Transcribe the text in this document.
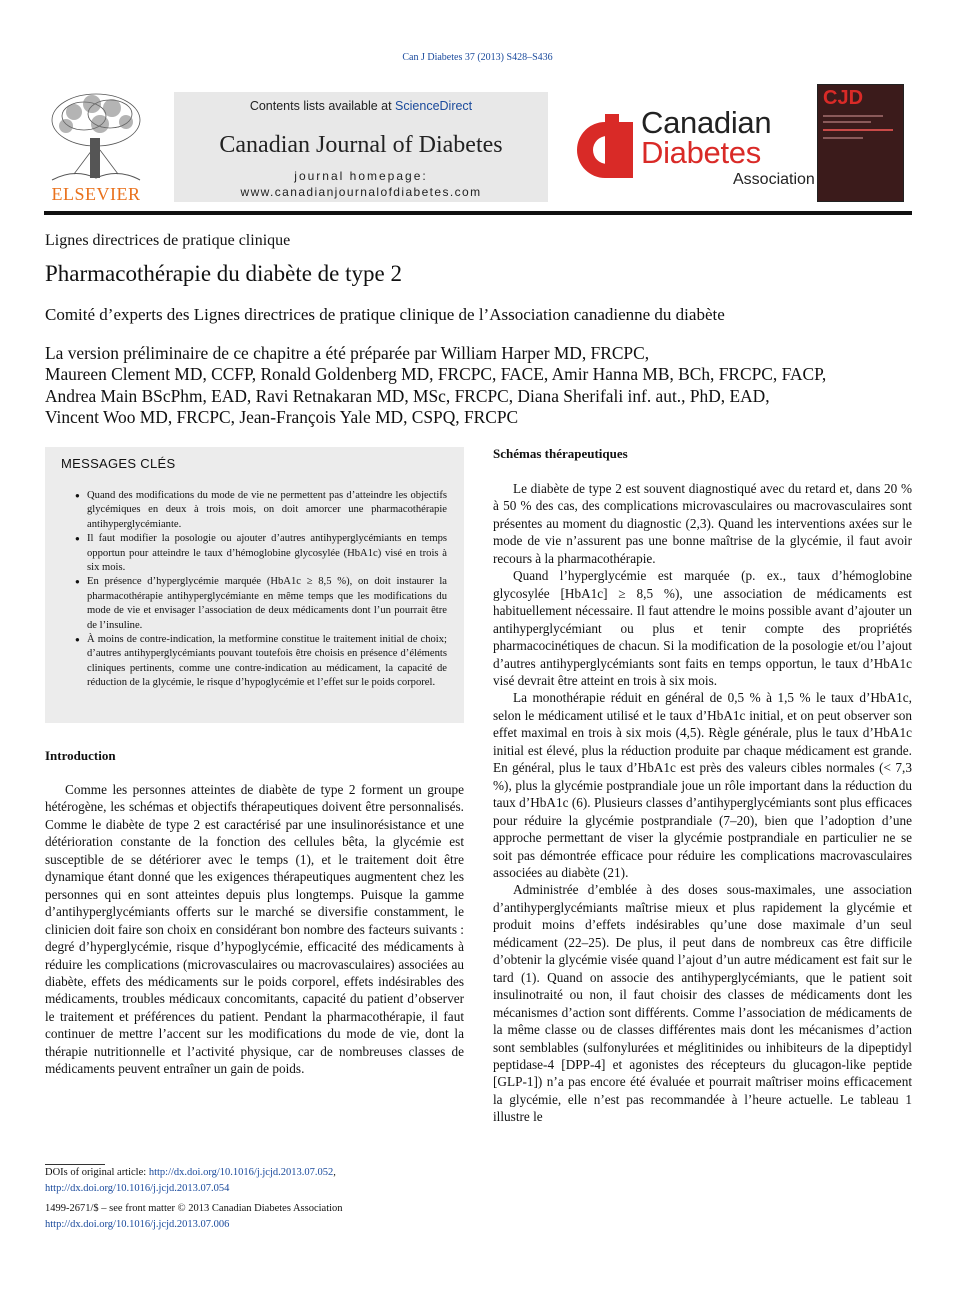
Can J Diabetes 37 (2013) S428–S436
ELSEVIER
Contents lists available at ScienceDirect
Canadian Journal of Diabetes
journal homepage:
www.canadianjournalofdiabetes.com
Canadian
Diabetes
Association
CJD
Lignes directrices de pratique clinique
Pharmacothérapie du diabète de type 2
Comité d’experts des Lignes directrices de pratique clinique de l’Association canadienne du diabète
La version préliminaire de ce chapitre a été préparée par William Harper MD, FRCPC,
Maureen Clement MD, CCFP, Ronald Goldenberg MD, FRCPC, FACE, Amir Hanna MB, BCh, FRCPC, FACP,
Andrea Main BScPhm, EAD, Ravi Retnakaran MD, MSc, FRCPC, Diana Sherifali inf. aut., PhD, EAD,
Vincent Woo MD, FRCPC, Jean-François Yale MD, CSPQ, FRCPC
MESSAGES CLÉS
● Quand des modifications du mode de vie ne permettent pas d’atteindre les objectifs glycémiques en deux à trois mois, on doit amorcer une pharmacothérapie antihyperglycémiante.
● Il faut modifier la posologie ou ajouter d’autres antihyperglycémiants en temps opportun pour atteindre le taux d’hémoglobine glycosylée (HbA1c) visé en trois à six mois.
● En présence d’hyperglycémie marquée (HbA1c ≥ 8,5 %), on doit instaurer la pharmacothérapie antihyperglycémiante en même temps que les modifications du mode de vie et envisager l’association de deux médicaments dont l’un pourrait être de l’insuline.
● À moins de contre-indication, la metformine constitue le traitement initial de choix; d’autres antihyperglycémiants pouvant toutefois être choisis en présence d’éléments cliniques pertinents, comme une contre-indication au médicament, la capacité de réduction de la glycémie, le risque d’hypoglycémie et l’effet sur le poids corporel.
Introduction

Comme les personnes atteintes de diabète de type 2 forment un groupe hétérogène, les schémas et objectifs thérapeutiques doivent être personnalisés. Comme le diabète de type 2 est caractérisé par une insulinorésistance et une détérioration constante de la fonction des cellules bêta, la glycémie est susceptible de se détériorer avec le temps (1), et le traitement doit être dynamique étant donné que les exigences thérapeutiques augmentent chez les personnes qui en sont atteintes depuis plus longtemps. Puisque la gamme d’antihyperglycémiants offerts sur le marché se diversifie constamment, le clinicien doit faire son choix en considérant bon nombre des facteurs suivants : degré d’hyperglycémie, risque d’hypoglycémie, efficacité des médicaments à réduire les complications (microvasculaires ou macrovasculaires) associées au diabète, effets des médicaments sur le poids corporel, effets indésirables des médicaments, troubles médicaux concomitants, capacité du patient d’observer le traitement et préférences du patient. Pendant la pharmacothérapie, il faut continuer de mettre l’accent sur les modifications du mode de vie, dont la thérapie nutritionnelle et l’activité physique, car de nombreuses classes de médicaments peuvent entraîner un gain de poids.

Schémas thérapeutiques

Le diabète de type 2 est souvent diagnostiqué avec du retard et, dans 20 % à 50 % des cas, des complications microvasculaires ou macrovasculaires sont présentes au moment du diagnostic (2,3). Quand les interventions axées sur le mode de vie n’assurent pas une bonne maîtrise de la glycémie, il faut avoir recours à la pharmacothérapie.

Quand l’hyperglycémie est marquée (p. ex., taux d’hémoglobine glycosylée [HbA1c] ≥ 8,5 %), une association de médicaments est habituellement nécessaire. Il faut attendre le moins possible avant d’ajouter un antihyperglycémiant ou plus et tenir compte des propriétés pharmacocinétiques de chacun. Si la modification de la posologie et/ou l’ajout d’autres antihyperglycémiants sont faits en temps opportun, le taux d’HbA1c visé devrait être atteint en trois à six mois.

La monothérapie réduit en général de 0,5 % à 1,5 % le taux d’HbA1c, selon le médicament utilisé et le taux d’HbA1c initial, et on peut observer son effet maximal en trois à six mois (4,5). Règle générale, plus le taux d’HbA1c initial est élevé, plus la réduction produite par chaque médicament est grande. En général, plus le taux d’HbA1c est près des valeurs cibles normales (< 7,3 %), plus la glycémie postprandiale joue un rôle important dans la réduction du taux d’HbA1c (6). Plusieurs classes d’antihyperglycémiants sont plus efficaces pour réduire la glycémie postprandiale (7–20), bien que l’adoption d’une approche permettant de viser la glycémie postprandiale en particulier ne se soit pas démontrée efficace pour réduire les complications macrovasculaires associées au diabète (21).

Administrée d’emblée à des doses sous-maximales, une association d’antihyperglycémiants maîtrise mieux et plus rapidement la glycémie et produit moins d’effets indésirables qu’une dose maximale d’un seul médicament (22–25). De plus, il peut dans de nombreux cas être difficile d’obtenir la glycémie visée quand l’ajout d’un autre médicament est fait sur le tard (1). Quand on associe des antihyperglycémiants, que le patient soit insulinotraité ou non, il faut choisir des classes de médicaments dont les mécanismes d’action sont différents. Comme l’association de médicaments de la même classe ou de classes différentes mais dont les mécanismes d’action sont semblables (sulfonylurées et méglitinides ou inhibiteurs de la dipeptidyl peptidase-4 [DPP-4] et agonistes des récepteurs du glucagon-like peptide [GLP-1]) n’a pas encore été évaluée et pourrait maîtriser moins efficacement la glycémie, elle n’est pas recommandée à l’heure actuelle. Le tableau 1 illustre le

DOIs of original article: http://dx.doi.org/10.1016/j.jcjd.2013.07.052, http://dx.doi.org/10.1016/j.jcjd.2013.07.054
1499-2671/$ – see front matter © 2013 Canadian Diabetes Association
http://dx.doi.org/10.1016/j.jcjd.2013.07.006
